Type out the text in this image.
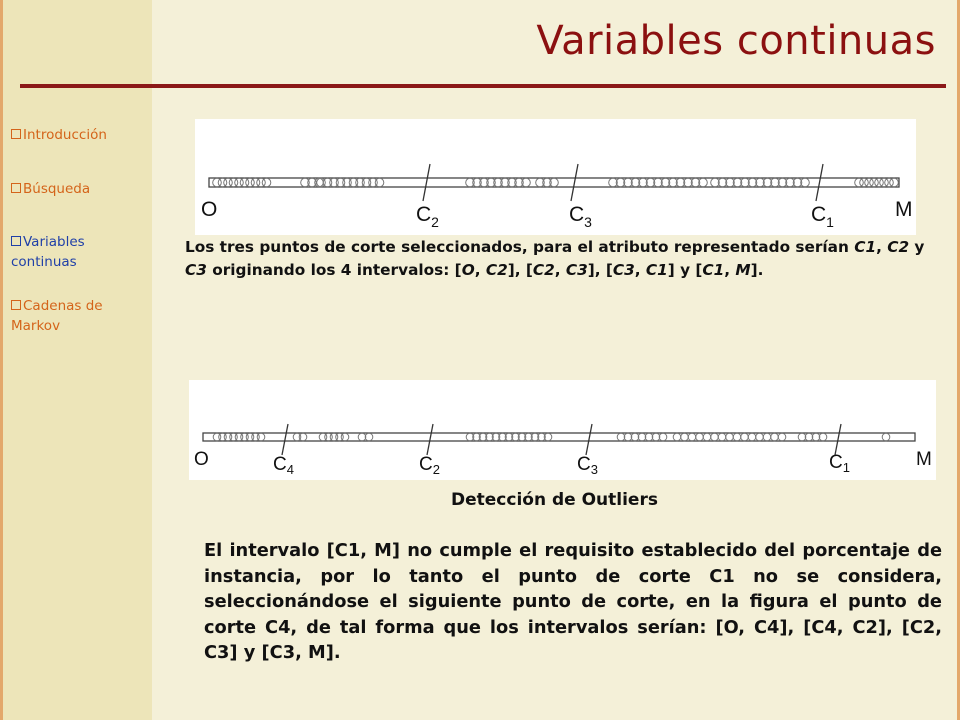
Variables continuas
Introducción
Búsqueda
Variables continuas
Cadenas de Markov
O	M
$C_2$	$C_3$	$C_1$
Los tres puntos de corte seleccionados, para el atributo representado serían C1, C2 y C3 originando los 4 intervalos: [O, C2], [C2, C3], [C3, C1] y [C1, M].
O	M
$C_4$	$C_2$	$C_3$	$C_1$
Detección de Outliers
El intervalo [C1, M] no cumple el requisito establecido del porcentaje de instancia, por lo tanto el punto de corte C1 no se considera, seleccionándose el siguiente punto de corte, en la figura el punto de corte C4, de tal forma que los intervalos serían: [O, C4], [C4, C2], [C2, C3] y [C3, M].
